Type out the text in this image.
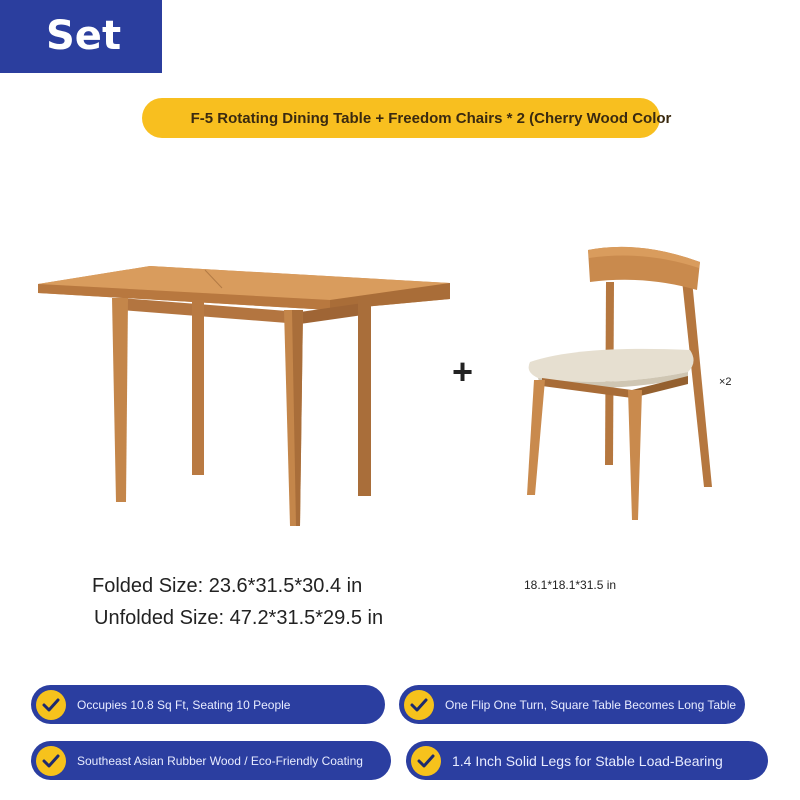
Set
F-5 Rotating Dining Table + Freedom Chairs * 2 (Cherry Wood Color
+	×2
Folded Size: 23.6*31.5*30.4 in
Unfolded Size: 47.2*31.5*29.5 in
18.1*18.1*31.5 in
Occupies 10.8 Sq Ft, Seating 10 People	One Flip One Turn, Square Table Becomes Long Table
Southeast Asian Rubber Wood / Eco-Friendly Coating	1.4 Inch Solid Legs for Stable Load-Bearing
